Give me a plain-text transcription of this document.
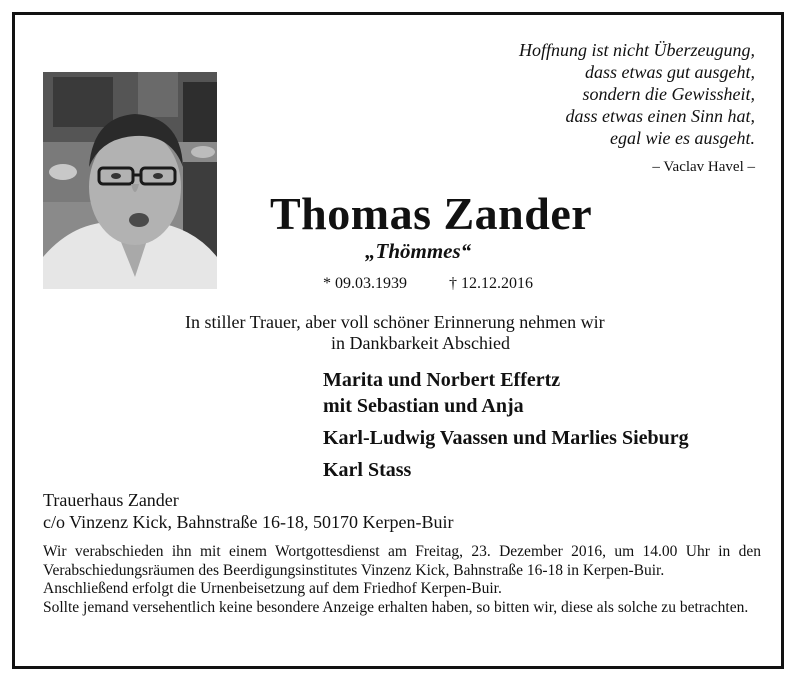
Hoffnung ist nicht Überzeugung,
dass etwas gut ausgeht,
sondern die Gewissheit,
dass etwas einen Sinn hat,
egal wie es ausgeht.
– Vaclav Havel –
Thomas Zander
„Thömmes“
* 09.03.1939	† 12.12.2016
In stiller Trauer, aber voll schöner Erinnerung nehmen wir
in Dankbarkeit Abschied
Marita und Norbert Effertz
mit Sebastian und Anja
Karl-Ludwig Vaassen und Marlies Sieburg
Karl Stass
Trauerhaus Zander
c/o Vinzenz Kick, Bahnstraße 16-18, 50170 Kerpen-Buir
Wir verabschieden ihn mit einem Wortgottesdienst am Freitag, 23. Dezember 2016, um 14.00 Uhr in den Verabschiedungsräumen des Beerdigungsinstitutes Vinzenz Kick, Bahnstraße 16-18 in Kerpen-Buir.
Anschließend erfolgt die Urnenbeisetzung auf dem Friedhof Kerpen-Buir.
Sollte jemand versehentlich keine besondere Anzeige erhalten haben, so bitten wir, diese als solche zu betrachten.
